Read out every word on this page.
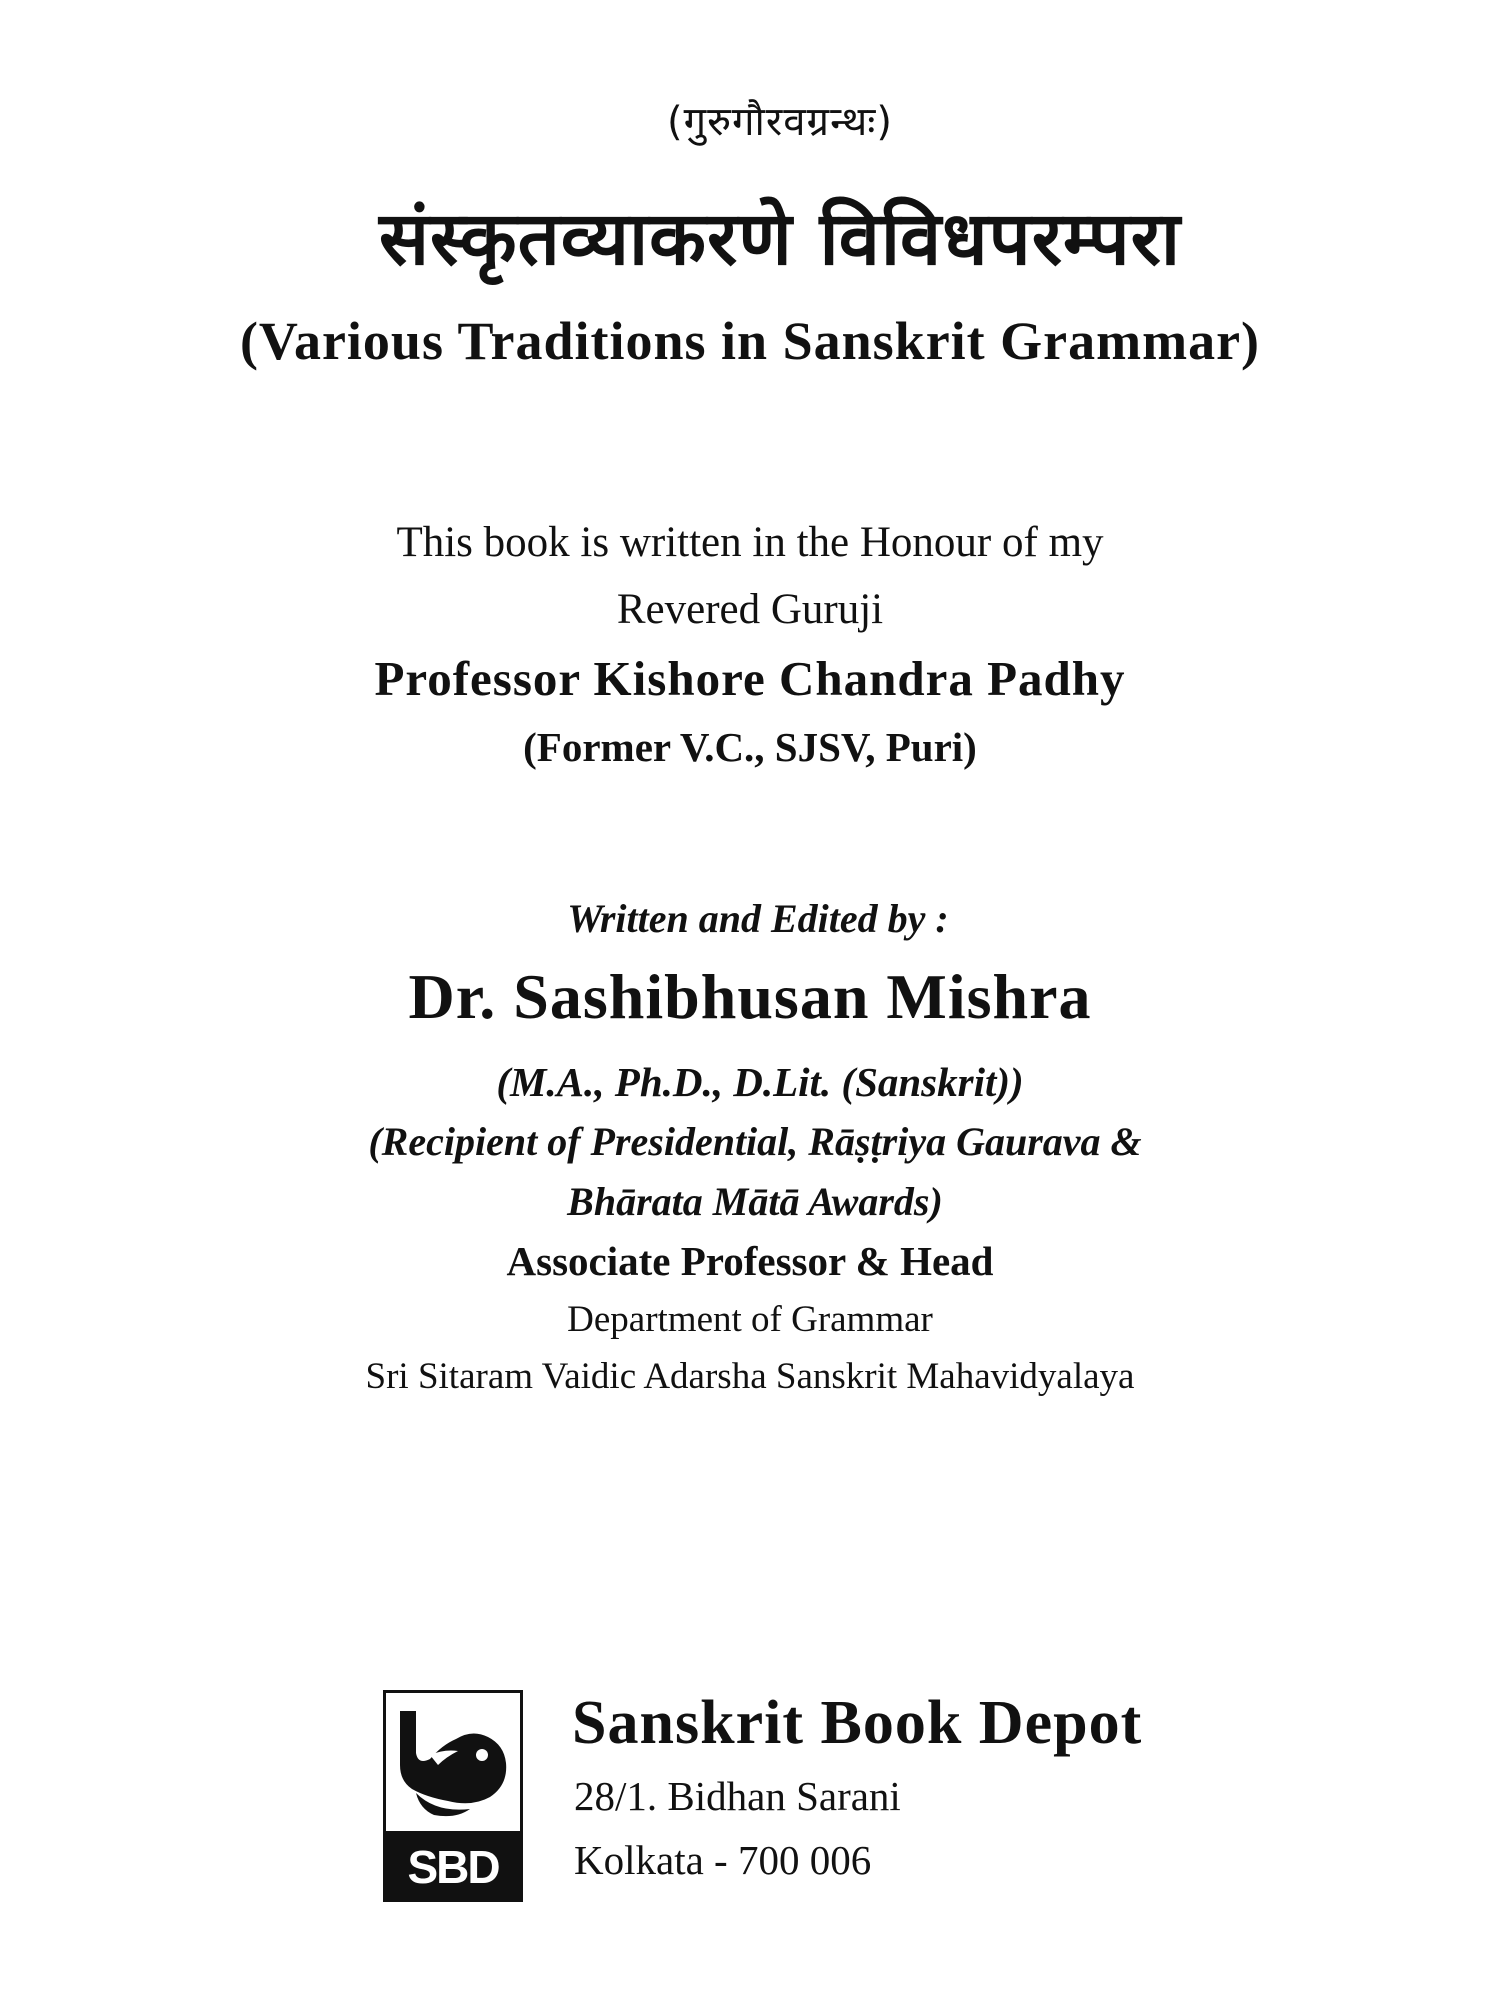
(गुरुगौरवग्रन्थः)
संस्कृतव्याकरणे विविधपरम्परा
(Various Traditions in Sanskrit Grammar)
This book is written in the Honour of my
Revered Guruji
Professor Kishore Chandra Padhy
(Former V.C., SJSV, Puri)
Written and Edited by :
Dr. Sashibhusan Mishra
(M.A., Ph.D., D.Lit. (Sanskrit))
(Recipient of Presidential, Rāṣṭriya Gaurava &
Bhārata Mātā Awards)
Associate Professor & Head
Department of Grammar
Sri Sitaram Vaidic Adarsha Sanskrit Mahavidyalaya
SBD
Sanskrit Book Depot
28/1. Bidhan Sarani
Kolkata - 700 006
